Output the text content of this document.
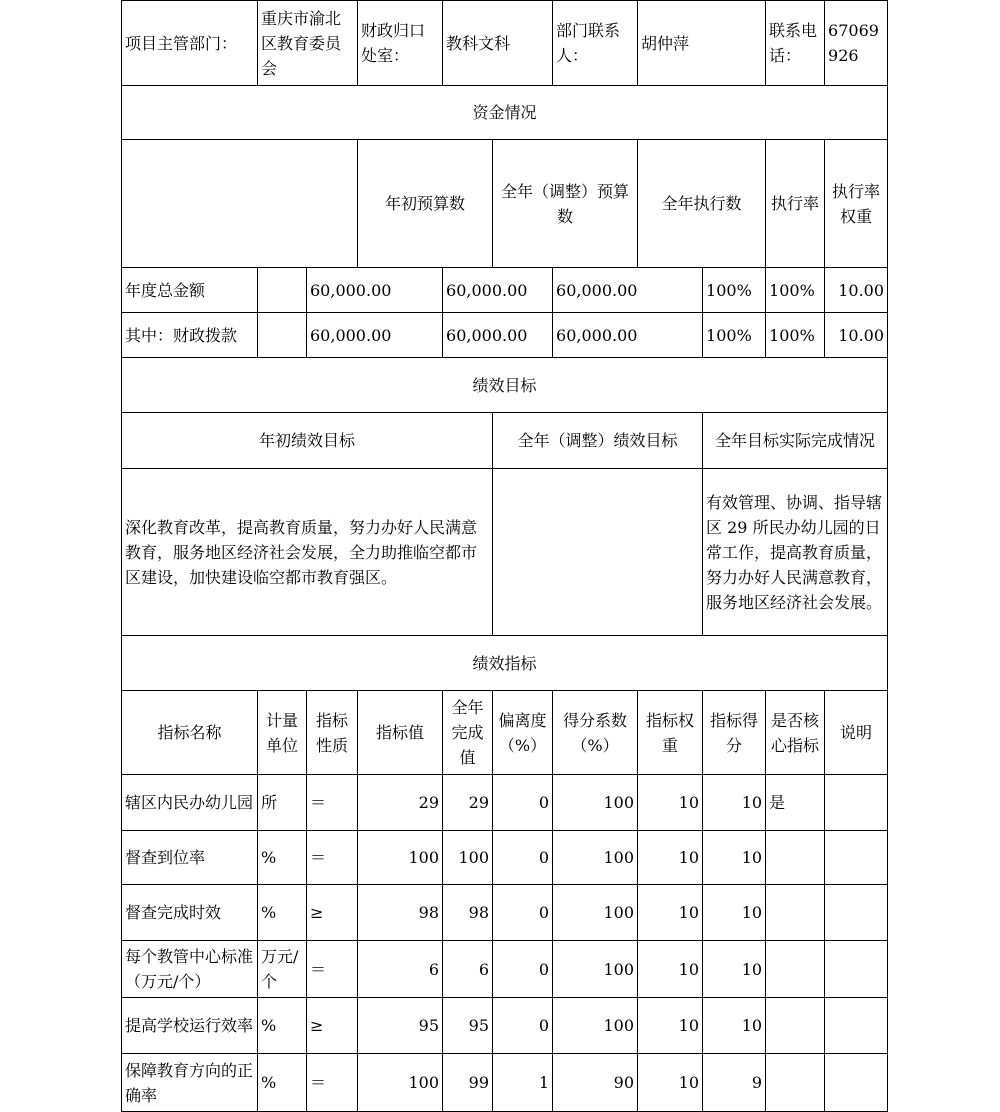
项目主管部门：	重庆市渝北区教育委员会		财政归口处室：	教科文科		部门联系人：	胡仲萍		联系电话：	67069926	
资金情况											
			年初预算数		全年（调整）预算数		全年执行数		执行率	执行率权重	
年度总金额		60,000.00		60,000.00		60,000.00		100%	100%	10.00	
其中：财政拨款		60,000.00		60,000.00		60,000.00		100%	100%	10.00	
绩效目标											
年初绩效目标					全年（调整）绩效目标			全年目标实际完成情况			
深化教育改革，提高教育质量，努力办好人民满意教育，服务地区经济社会发展，全力助推临空都市区建设，加快建设临空都市教育强区。								有效管理、协调、指导辖区 29 所民办幼儿园的日常工作，提高教育质量，努力办好人民满意教育，服务地区经济社会发展。			
绩效指标											
指标名称	计量单位	指标性质	指标值	全年完成值	偏离度（%）	得分系数（%）	指标权重	指标得分	是否核心指标	说明	
辖区内民办幼儿园	所	＝	29	29	0	100	10	10	是		
督查到位率	%	＝	100	100	0	100	10	10			
督查完成时效	%	≥	98	98	0	100	10	10			
每个教管中心标准（万元/个）	万元/个	＝	6	6	0	100	10	10			
提高学校运行效率	%	≥	95	95	0	100	10	10			
保障教育方向的正确率	%	＝	100	99	1	90	10	9			
